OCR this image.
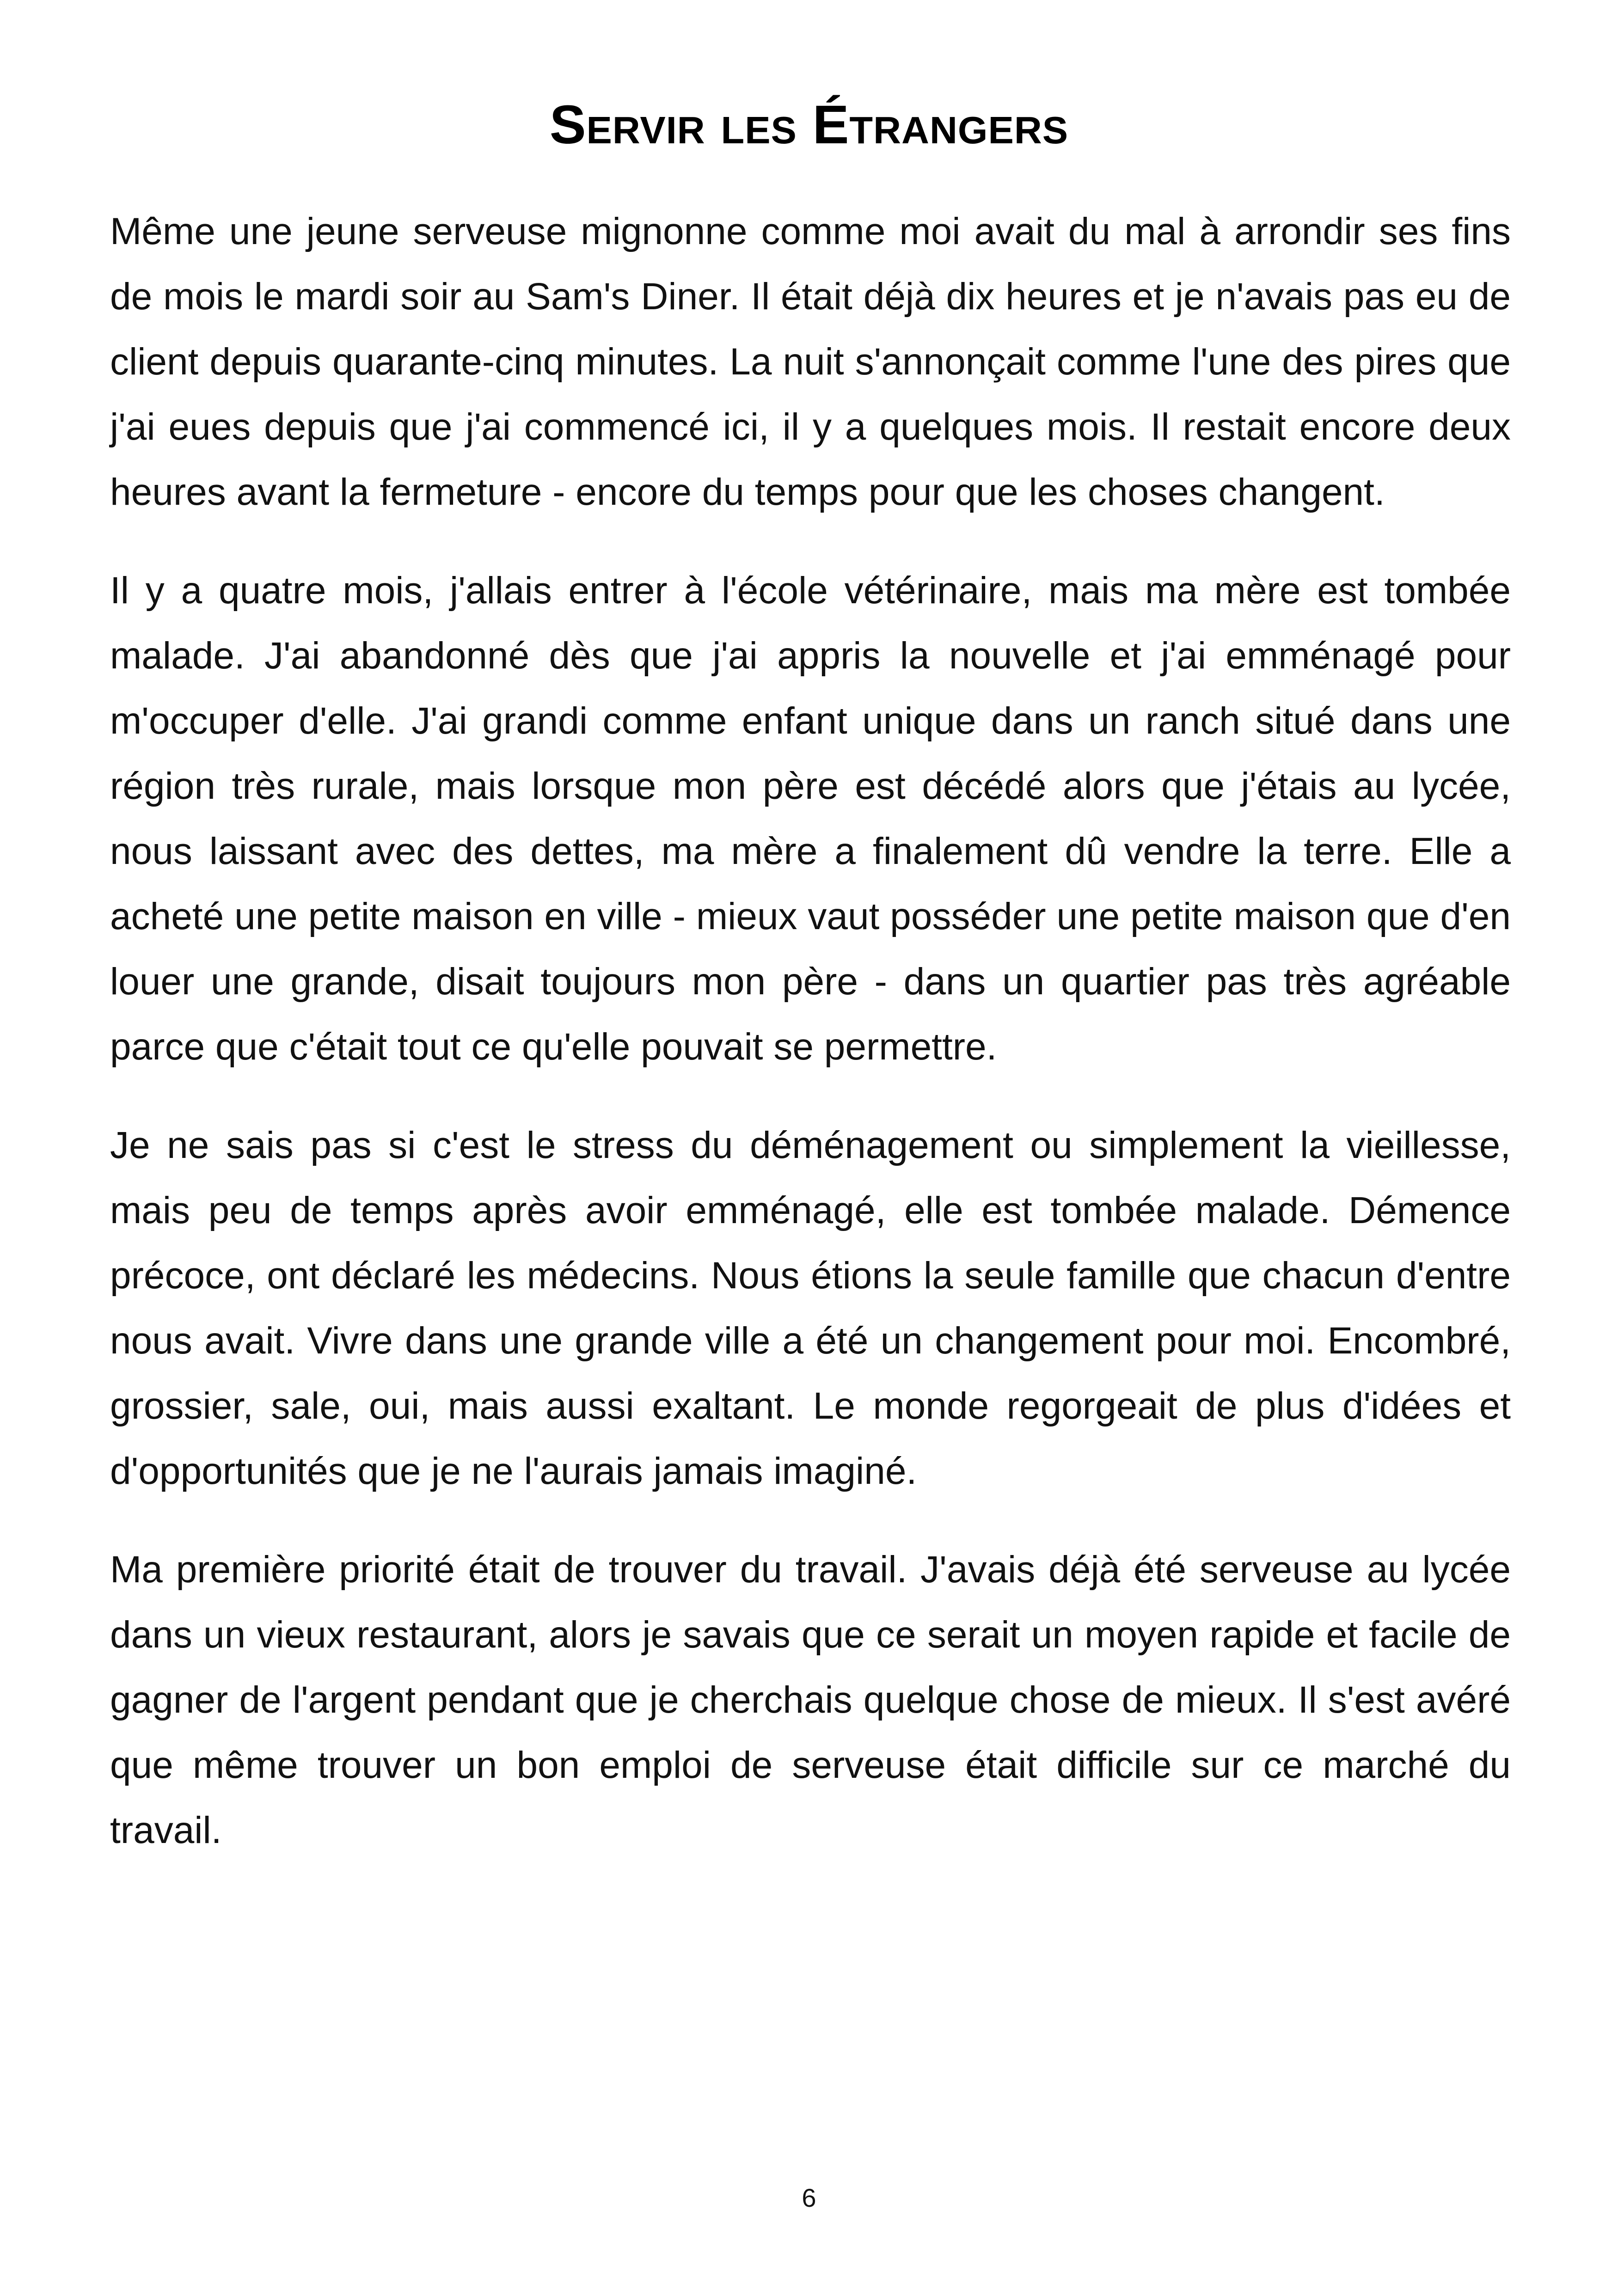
Servir les Étrangers

Même une jeune serveuse mignonne comme moi avait du mal à arrondir ses fins de mois le mardi soir au Sam's Diner. Il était déjà dix heures et je n'avais pas eu de client depuis quarante-cinq minutes. La nuit s'annonçait comme l'une des pires que j'ai eues depuis que j'ai commencé ici, il y a quelques mois. Il restait encore deux heures avant la fermeture - encore du temps pour que les choses changent.

Il y a quatre mois, j'allais entrer à l'école vétérinaire, mais ma mère est tombée malade. J'ai abandonné dès que j'ai appris la nouvelle et j'ai emménagé pour m'occuper d'elle. J'ai grandi comme enfant unique dans un ranch situé dans une région très rurale, mais lorsque mon père est décédé alors que j'étais au lycée, nous laissant avec des dettes, ma mère a finalement dû vendre la terre. Elle a acheté une petite maison en ville - mieux vaut posséder une petite maison que d'en louer une grande, disait toujours mon père - dans un quartier pas très agréable parce que c'était tout ce qu'elle pouvait se permettre.

Je ne sais pas si c'est le stress du déménagement ou simplement la vieillesse, mais peu de temps après avoir emménagé, elle est tombée malade. Démence précoce, ont déclaré les médecins. Nous étions la seule famille que chacun d'entre nous avait. Vivre dans une grande ville a été un changement pour moi. Encombré, grossier, sale, oui, mais aussi exaltant. Le monde regorgeait de plus d'idées et d'opportunités que je ne l'aurais jamais imaginé.

Ma première priorité était de trouver du travail. J'avais déjà été serveuse au lycée dans un vieux restaurant, alors je savais que ce serait un moyen rapide et facile de gagner de l'argent pendant que je cherchais quelque chose de mieux. Il s'est avéré que même trouver un bon emploi de serveuse était difficile sur ce marché du travail.

6
